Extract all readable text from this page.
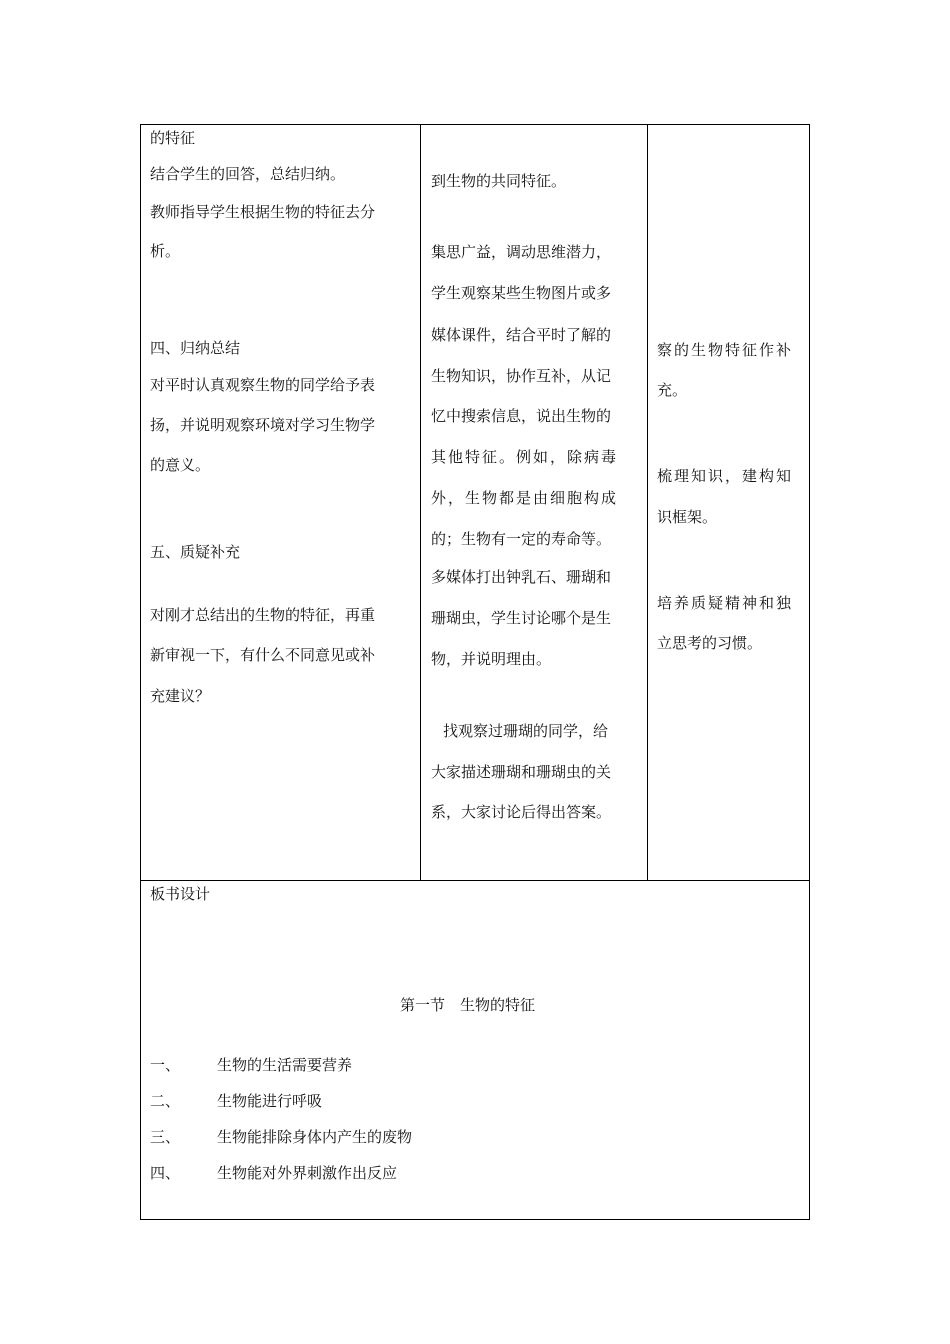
的特征
结合学生的回答，总结归纳。
教师指导学生根据生物的特征去分
析。
四、归纳总结
对平时认真观察生物的同学给予表
扬，并说明观察环境对学习生物学
的意义。
五、质疑补充
对刚才总结出的生物的特征，再重
新审视一下，有什么不同意见或补
充建议？
到生物的共同特征。
集思广益，调动思维潜力，
学生观察某些生物图片或多
媒体课件，结合平时了解的
生物知识，协作互补，从记
忆中搜索信息，说出生物的
其他特征。例如，除病毒
外，生物都是由细胞构成
的；生物有一定的寿命等。
多媒体打出钟乳石、珊瑚和
珊瑚虫，学生讨论哪个是生
物，并说明理由。
找观察过珊瑚的同学，给
大家描述珊瑚和珊瑚虫的关
系，大家讨论后得出答案。
察的生物特征作补
充。
梳理知识，建构知
识框架。
培养质疑精神和独
立思考的习惯。
板书设计
第一节　生物的特征
一、 生物的生活需要营养
二、 生物能进行呼吸
三、 生物能排除身体内产生的废物
四、 生物能对外界刺激作出反应
